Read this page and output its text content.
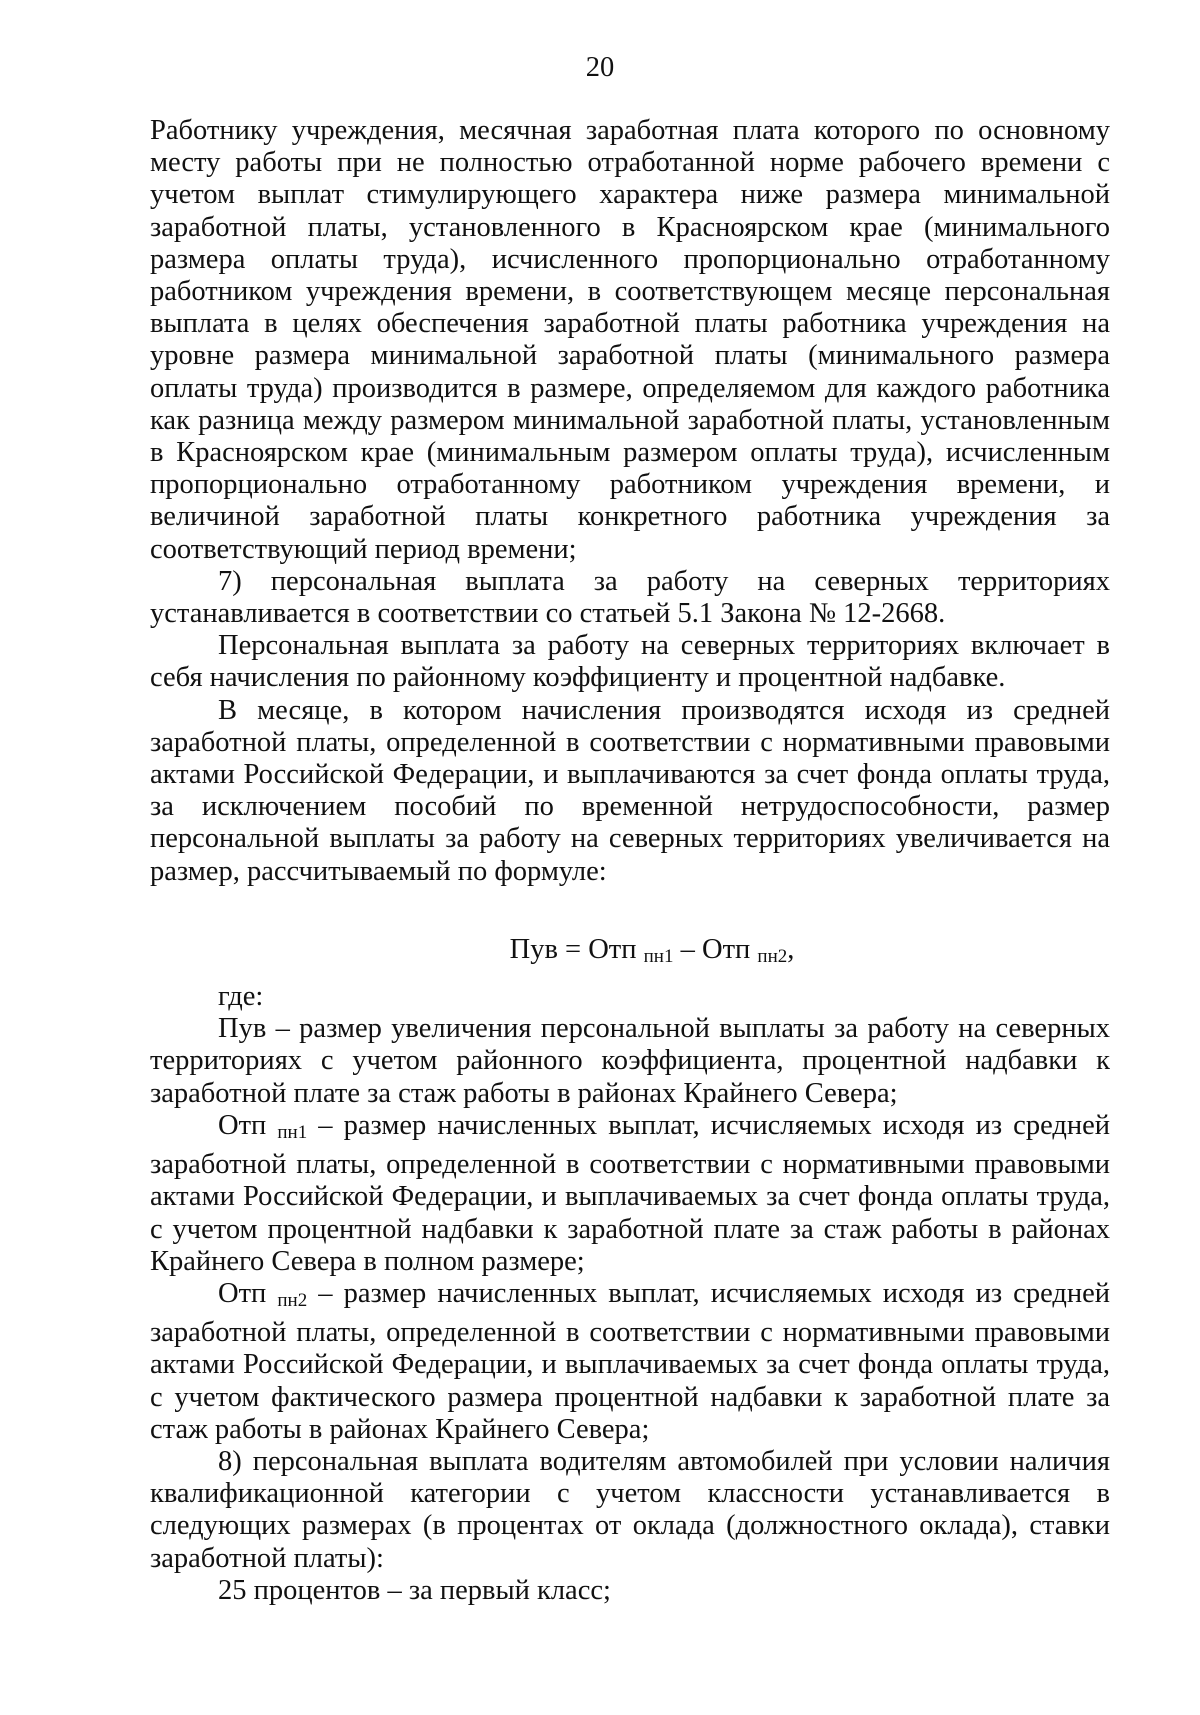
20

Работнику учреждения, месячная заработная плата которого по основному месту работы при не полностью отработанной норме рабочего времени с учетом выплат стимулирующего характера ниже размера минимальной заработной платы, установленного в Красноярском крае (минимального размера оплаты труда), исчисленного пропорционально отработанному работником учреждения времени, в соответствующем месяце персональная выплата в целях обеспечения заработной платы работника учреждения на уровне размера минимальной заработной платы (минимального размера оплаты труда) производится в размере, определяемом для каждого работника как разница между размером минимальной заработной платы, установленным в Красноярском крае (минимальным размером оплаты труда), исчисленным пропорционально отработанному работником учреждения времени, и величиной заработной платы конкретного работника учреждения за соответствующий период времени;

7) персональная выплата за работу на северных территориях устанавливается в соответствии со статьей 5.1 Закона № 12-2668.

Персональная выплата за работу на северных территориях включает в себя начисления по районному коэффициенту и процентной надбавке.

В месяце, в котором начисления производятся исходя из средней заработной платы, определенной в соответствии с нормативными правовыми актами Российской Федерации, и выплачиваются за счет фонда оплаты труда, за исключением пособий по временной нетрудоспособности, размер персональной выплаты за работу на северных территориях увеличивается на размер, рассчитываемый по формуле:

Пув = Отп $_{пн1}$ – Отп $_{пн2}$,

где:

Пув – размер увеличения персональной выплаты за работу на северных территориях с учетом районного коэффициента, процентной надбавки к заработной плате за стаж работы в районах Крайнего Севера;

Отп $_{пн1}$ – размер начисленных выплат, исчисляемых исходя из средней заработной платы, определенной в соответствии с нормативными правовыми актами Российской Федерации, и выплачиваемых за счет фонда оплаты труда, с учетом процентной надбавки к заработной плате за стаж работы в районах Крайнего Севера в полном размере;

Отп $_{пн2}$ – размер начисленных выплат, исчисляемых исходя из средней заработной платы, определенной в соответствии с нормативными правовыми актами Российской Федерации, и выплачиваемых за счет фонда оплаты труда, с учетом фактического размера процентной надбавки к заработной плате за стаж работы в районах Крайнего Севера;

8) персональная выплата водителям автомобилей при условии наличия квалификационной категории с учетом классности устанавливается в следующих размерах (в процентах от оклада (должностного оклада), ставки заработной платы):

25 процентов – за первый класс;
